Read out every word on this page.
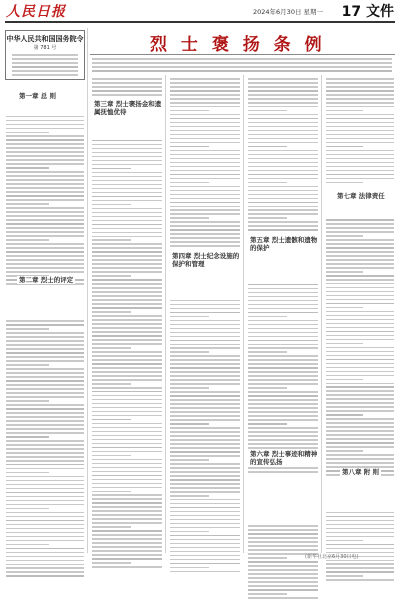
人民日报	2024年6月30日 星期一 17 文件
中华人民共和国国务院令
第 781 号	烈 士 褒 扬 条 例
第一章 总 则
第二章 烈士的评定
第三章 烈士褒扬金和遗属抚恤优待
第四章 烈士纪念设施的保护和管理
第五章 烈士遗骸和遗物的保护
第六章 烈士事迹和精神的宣传弘扬
第七章 法律责任
第八章 附 则
(新华社北京6月30日电)
